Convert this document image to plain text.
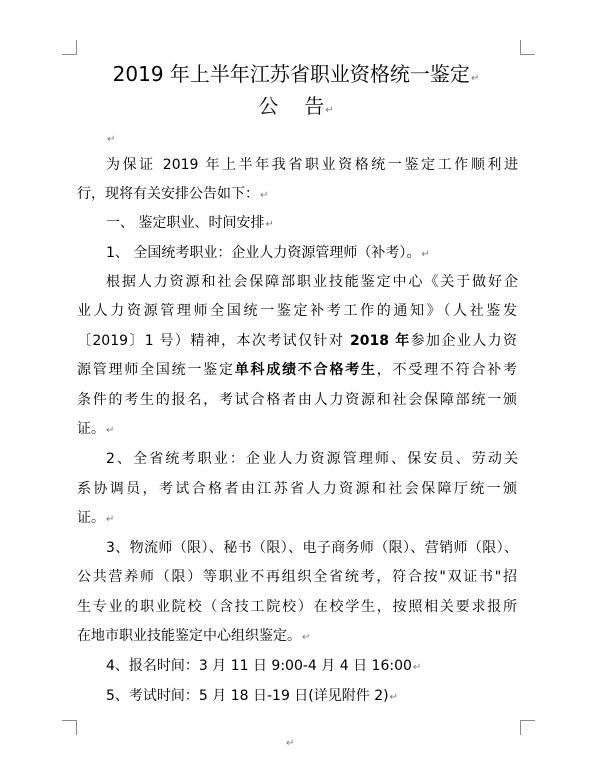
2019 年上半年江苏省职业资格统一鉴定↵
公 告↵
↵
为保证 2019 年上半年我省职业资格统一鉴定工作顺利进
行，现将有关安排公告如下：↵
一、 鉴定职业、时间安排↵
1、 全国统考职业：企业人力资源管理师（补考）。↵
根据人力资源和社会保障部职业技能鉴定中心《关于做好企
业人力资源管理师全国统一鉴定补考工作的通知》（人社鉴发
〔2019〕1 号）精神，本次考试仅针对 2018 年参加企业人力资
源管理师全国统一鉴定单科成绩不合格考生，不受理不符合补考
条件的考生的报名，考试合格者由人力资源和社会保障部统一颁
证。↵
2、全省统考职业：企业人力资源管理师、保安员、劳动关
系协调员，考试合格者由江苏省人力资源和社会保障厅统一颁
证。↵
3、物流师（限）、秘书（限）、电子商务师（限）、营销师（限）、
公共营养师（限）等职业不再组织全省统考，符合按"双证书"招
生专业的职业院校（含技工院校）在校学生，按照相关要求报所
在地市职业技能鉴定中心组织鉴定。↵
4、报名时间：3 月 11 日 9:00-4 月 4 日 16:00↵
5、考试时间：5 月 18 日-19 日(详见附件 2)↵
↵
